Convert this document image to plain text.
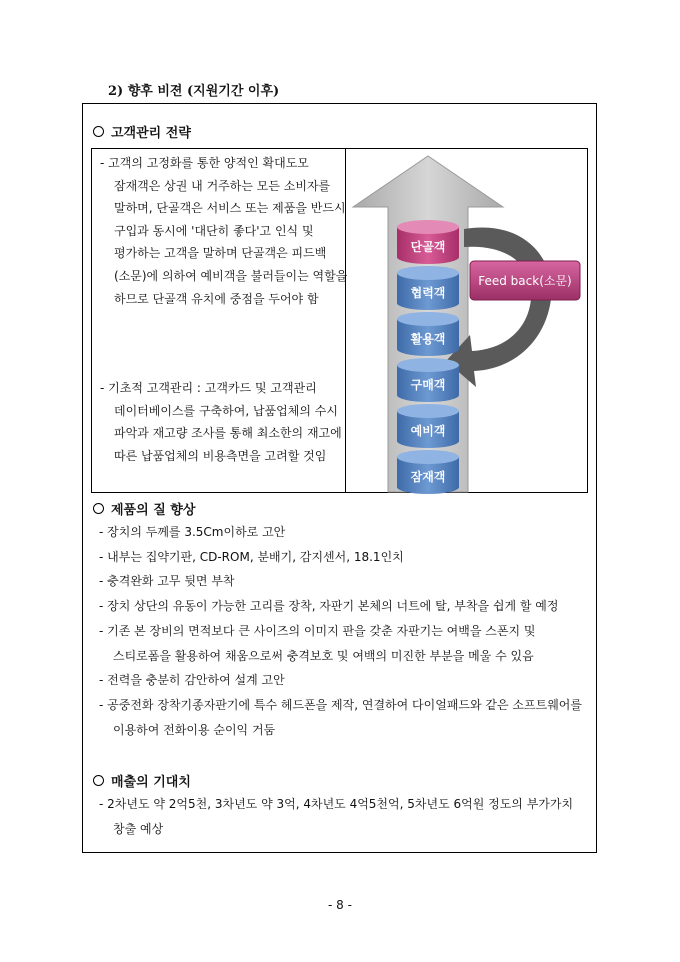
2) 향후 비젼 (지원기간 이후)
고객관리 전략
- 고객의 고정화를 통한 양적인 확대도모 잠재객은 상권 내 거주하는 모든 소비자를 말하며, 단골객은 서비스 또는 제품을 반드시 구입과 동시에 '대단히 좋다'고 인식 및 평가하는 고객을 말하며 단골객은 피드백(소문)에 의하여 예비객을 불러들이는 역할을 하므로 단골객 유치에 중점을 두어야 함
- 기초적 고객관리 : 고객카드 및 고객관리 데이터베이스를 구축하여, 납품업체의 수시 파악과 재고량 조사를 통해 최소한의 재고에 따른 납품업체의 비용측면을 고려할 것임
단골객
협력객
활용객
구매객
예비객
잠재객
Feed back(소문)
제품의 질 향상
- 장치의 두께를 3.5Cm이하로 고안
- 내부는 집약기판, CD-ROM, 분배기, 감지센서, 18.1인치
- 충격완화 고무 뒷면 부착
- 장치 상단의 유동이 가능한 고리를 장착, 자판기 본체의 너트에 탈, 부착을 쉽게 할 예정
- 기존 본 장비의 면적보다 큰 사이즈의 이미지 판을 갖춘 자판기는 여백을 스폰지 및 스티로폼을 활용하여 채움으로써 충격보호 및 여백의 미진한 부분을 메울 수 있음
- 전력을 충분히 감안하여 설계 고안
- 공중전화 장착기종자판기에 특수 헤드폰을 제작, 연결하여 다이얼패드와 같은 소프트웨어를 이용하여 전화이용 순이익 거둠
매출의 기대치
- 2차년도 약 2억5천, 3차년도 약 3억, 4차년도 4억5천억, 5차년도 6억원 정도의 부가가치 창출 예상
- 8 -
